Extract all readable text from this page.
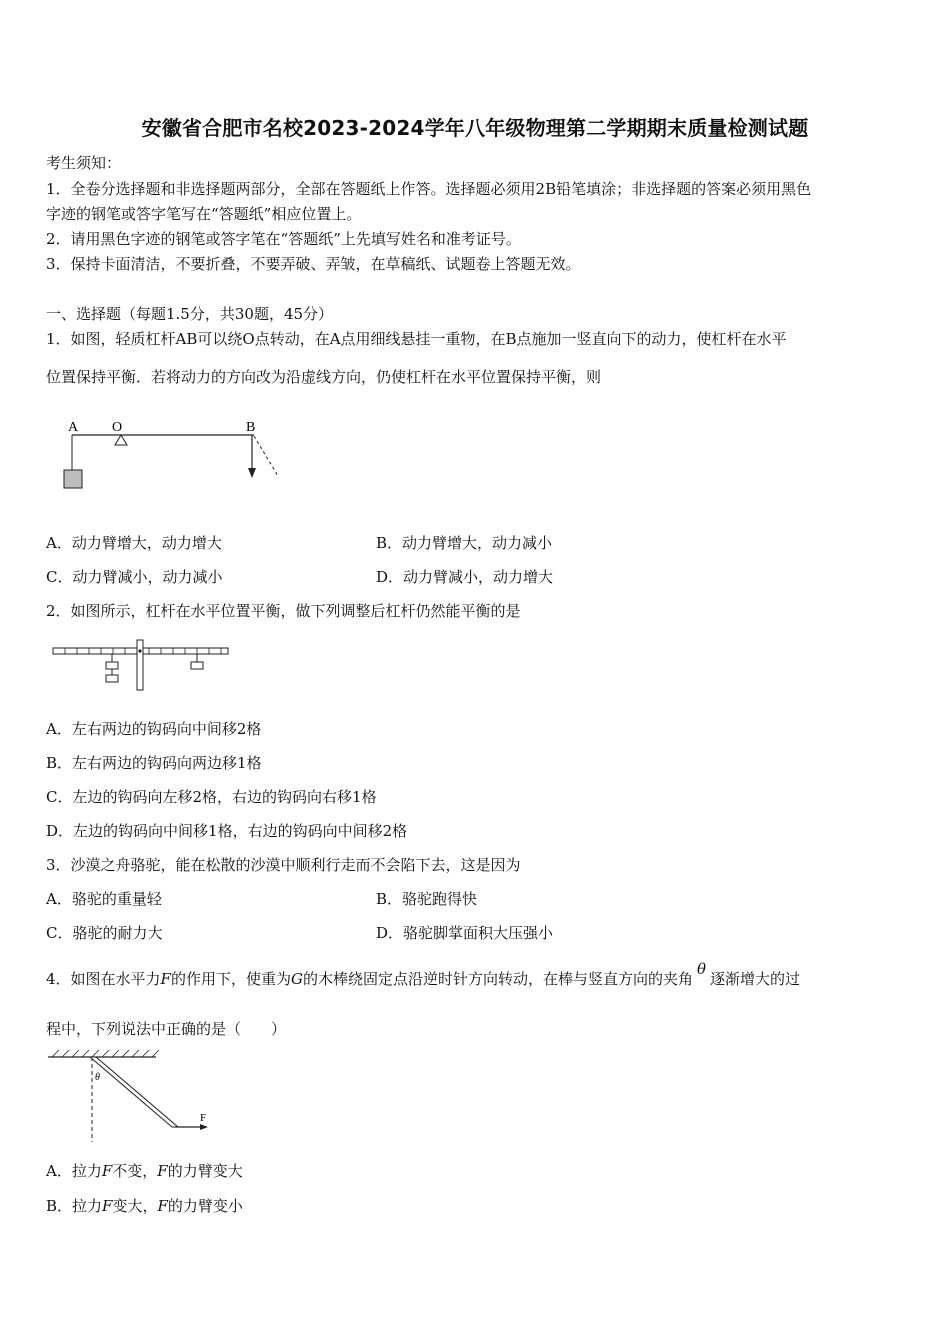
安徽省合肥市名校2023-2024学年八年级物理第二学期期末质量检测试题
考生须知：
1．全卷分选择题和非选择题两部分，全部在答题纸上作答。选择题必须用2B铅笔填涂；非选择题的答案必须用黑色
字迹的钢笔或答字笔写在“答题纸”相应位置上。
2．请用黑色字迹的钢笔或答字笔在“答题纸”上先填写姓名和准考证号。
3．保持卡面清洁，不要折叠，不要弄破、弄皱，在草稿纸、试题卷上答题无效。
一、选择题（每题1.5分，共30题，45分）
1．如图，轻质杠杆AB可以绕O点转动，在A点用细线悬挂一重物，在B点施加一竖直向下的动力，使杠杆在水平
位置保持平衡．若将动力的方向改为沿虚线方向，仍使杠杆在水平位置保持平衡，则
A O	B
A．动力臂增大，动力增大	B．动力臂增大，动力减小
C．动力臂减小，动力减小	D．动力臂减小，动力增大
2．如图所示，杠杆在水平位置平衡，做下列调整后杠杆仍然能平衡的是
A．左右两边的钩码向中间移2格
B．左右两边的钩码向两边移1格
C．左边的钩码向左移2格，右边的钩码向右移1格
D．左边的钩码向中间移1格，右边的钩码向中间移2格
3．沙漠之舟骆驼，能在松散的沙漠中顺利行走而不会陷下去，这是因为
A．骆驼的重量轻	B．骆驼跑得快
C．骆驼的耐力大	D．骆驼脚掌面积大压强小
4．如图在水平力F的作用下，使重为G的木棒绕固定点沿逆时针方向转动，在棒与竖直方向的夹角θ逐渐增大的过
程中，下列说法中正确的是（　　）
θ
F
A．拉力F不变，F的力臂变大
B．拉力F变大，F的力臂变小
